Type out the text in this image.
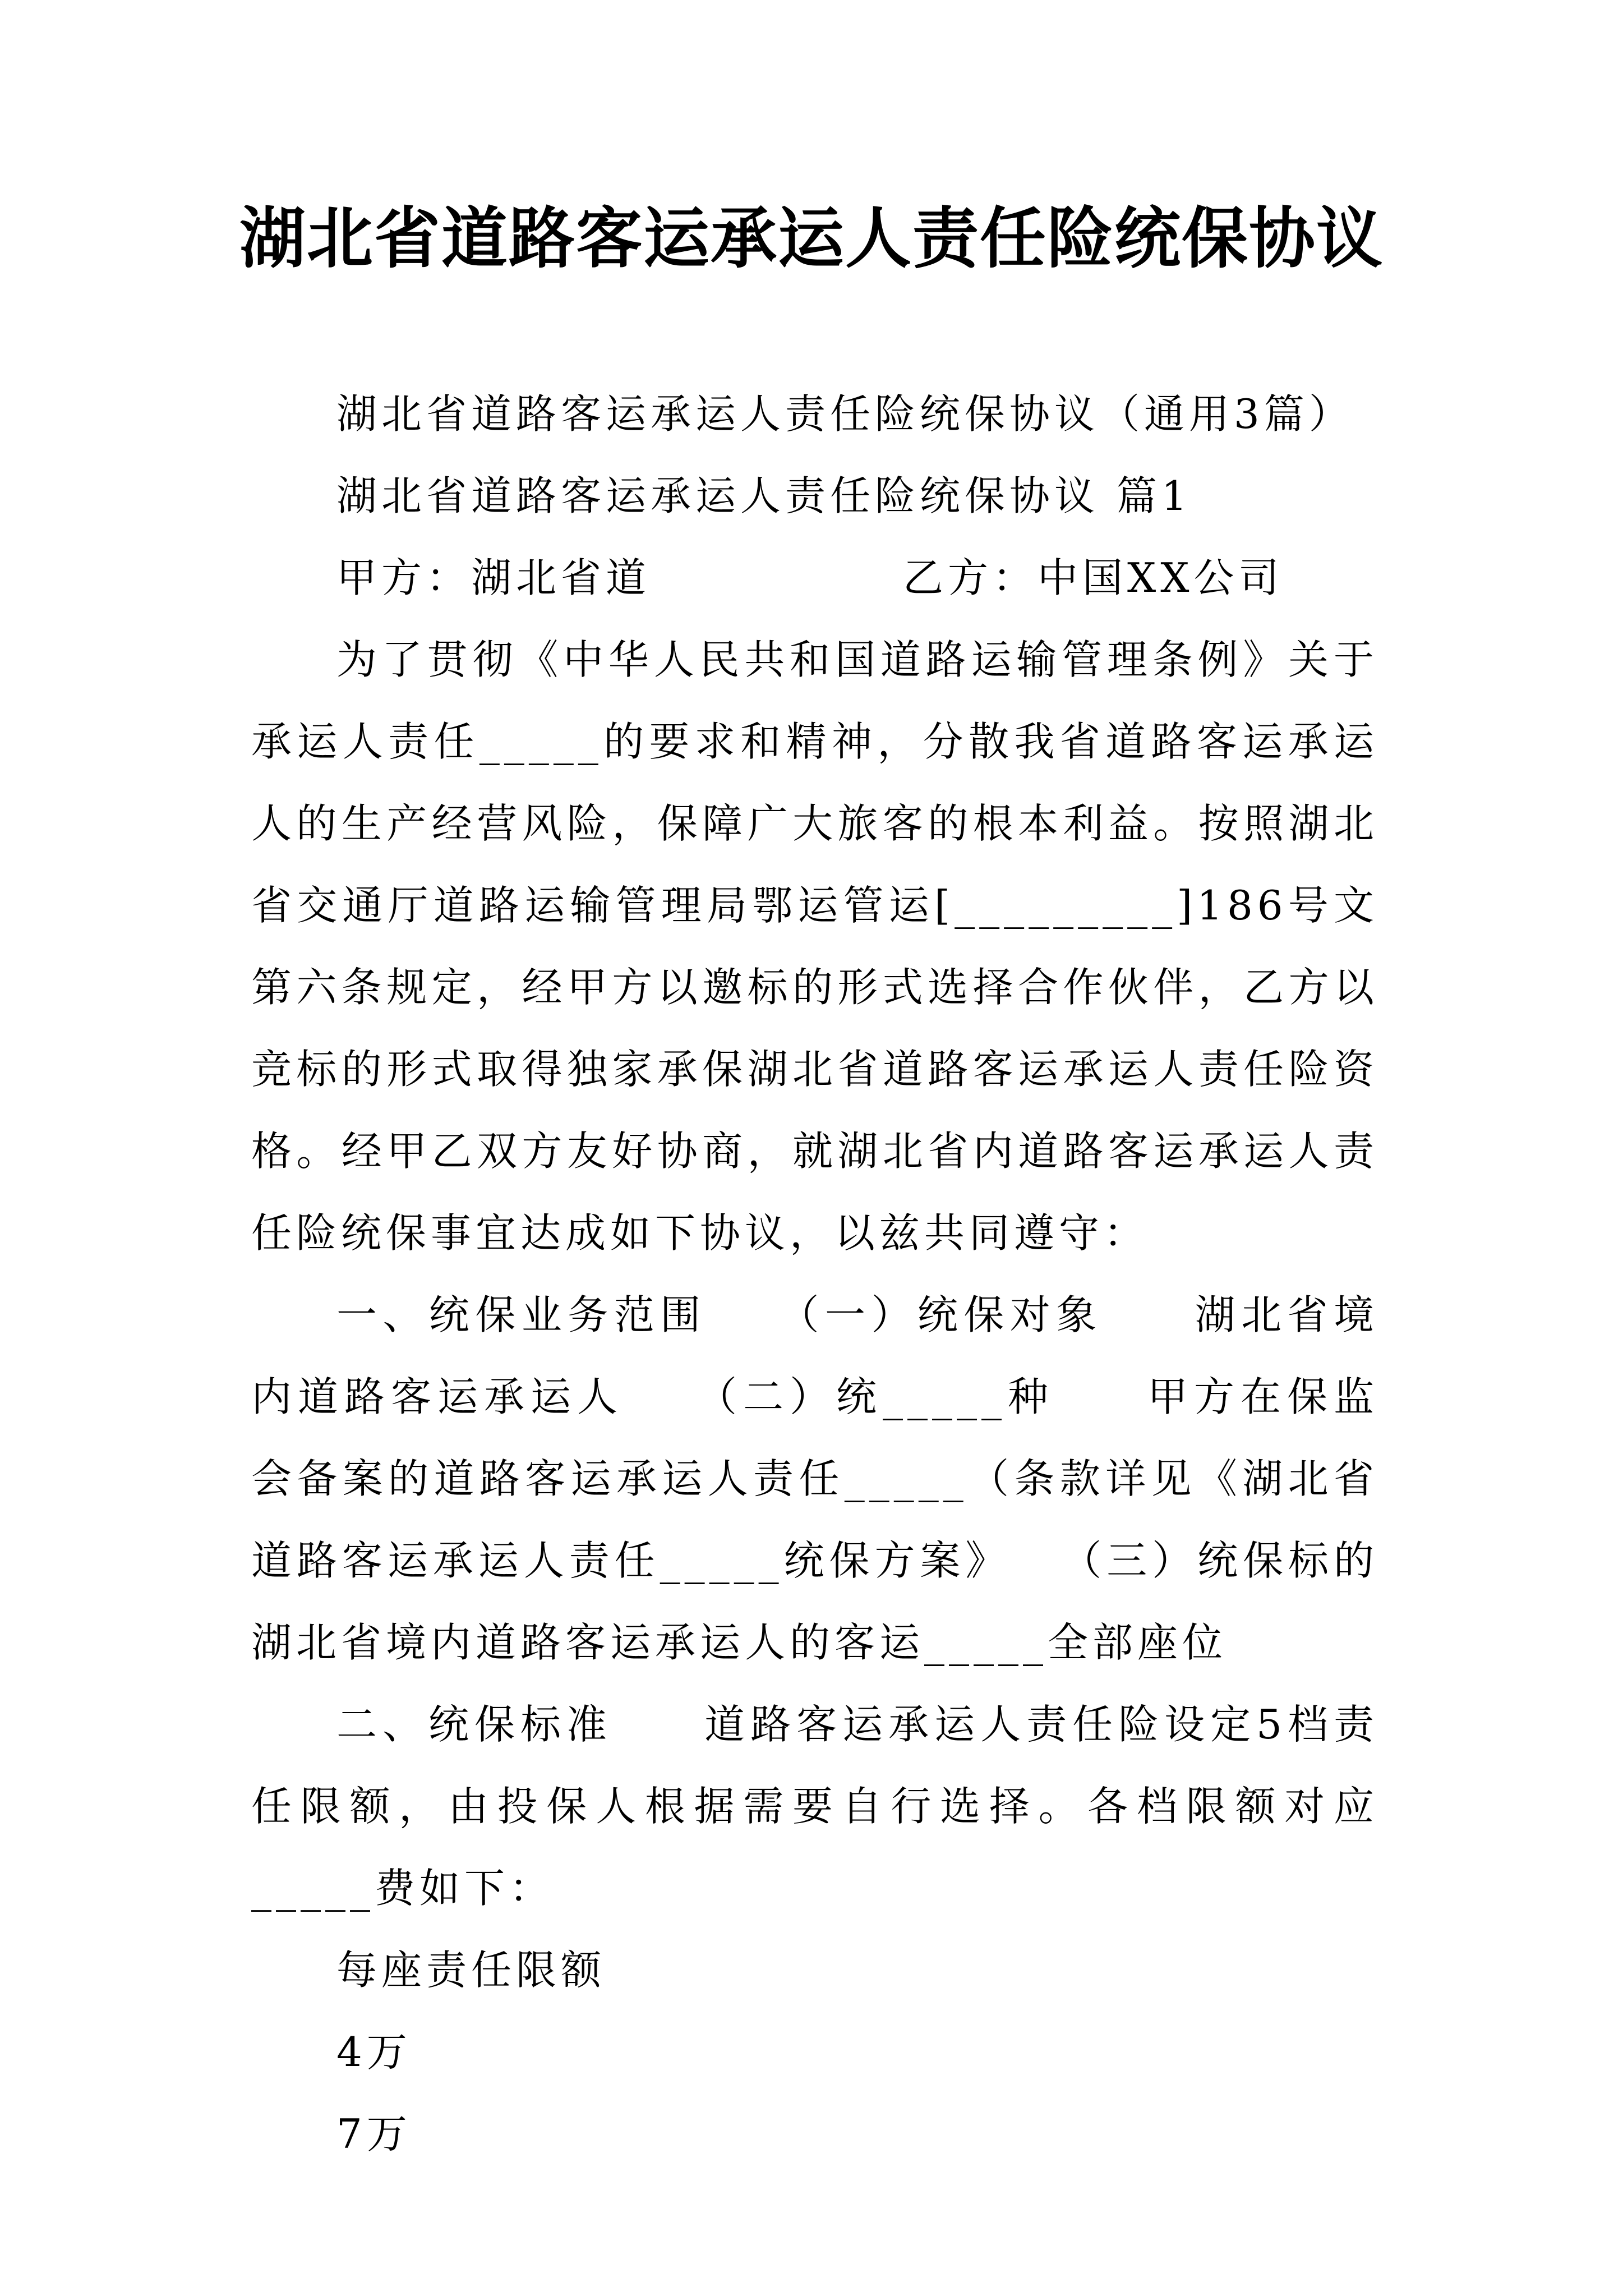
湖北省道路客运承运人责任险统保协议

湖北省道路客运承运人责任险统保协议（通用3篇）

湖北省道路客运承运人责任险统保协议 篇1

甲方：湖北省道	乙方：中国XX公司

为了贯彻《中华人民共和国道路运输管理条例》关于承运人责任_____的要求和精神，分散我省道路客运承运人的生产经营风险，保障广大旅客的根本利益。按照湖北省交通厅道路运输管理局鄂运管运[_________]186号文第六条规定，经甲方以邀标的形式选择合作伙伴，乙方以竞标的形式取得独家承保湖北省道路客运承运人责任险资格。经甲乙双方友好协商，就湖北省内道路客运承运人责任险统保事宜达成如下协议，以兹共同遵守：

一、统保业务范围　　（一）统保对象　　湖北省境内道路客运承运人　　（二）统_____种　　甲方在保监会备案的道路客运承运人责任_____（条款详见《湖北省道路客运承运人责任_____统保方案》　　（三）统保标的　　湖北省境内道路客运承运人的客运_____全部座位

二、统保标准　　道路客运承运人责任险设定5档责任限额，由投保人根据需要自行选择。各档限额对应_____费如下：

每座责任限额

4万

7万
